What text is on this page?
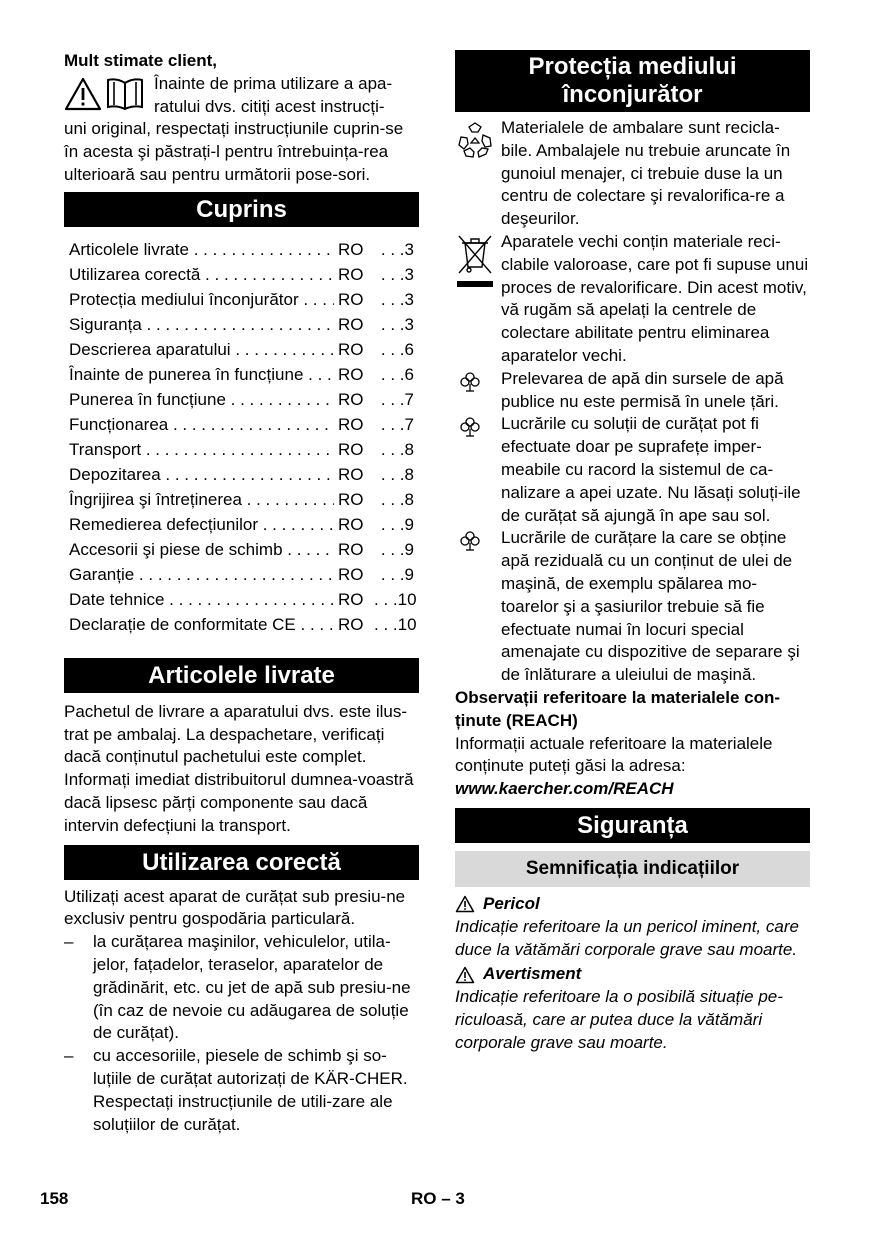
Mult stimate client,

Înainte de prima utilizare a apa-ratului dvs. citiți acest instrucți-

uni original, respectați instrucțiunile cuprin-se în acesta şi păstrați-l pentru întrebuința-rea ulterioară sau pentru următorii pose-sori.

Cuprins
Articolele livrate . . .	RO	. . . 3
Utilizarea corectă . . .	RO	. . . 3
Protecția mediului înconjurător . . .	RO	. . . 3
Siguranța . . .	RO	. . . 3
Descrierea aparatului . . .	RO	. . . 6
Înainte de punerea în funcțiune . . .	RO	. . . 6
Punerea în funcțiune . . .	RO	. . . 7
Funcționarea . . .	RO	. . . 7
Transport . . .	RO	. . . 8
Depozitarea . . .	RO	. . . 8
Îngrijirea şi întreținerea . . .	RO	. . . 8
Remedierea defecțiunilor . . .	RO	. . . 9
Accesorii şi piese de schimb . . .	RO	. . . 9
Garanție . . .	RO	. . . 9
Date tehnice . . .	RO	. . . 10
Declarație de conformitate CE . . .	RO	. . . 10
Articolele livrate

Pachetul de livrare a aparatului dvs. este ilus-trat pe ambalaj. La despachetare, verificați dacă conținutul pachetului este complet. Informați imediat distribuitorul dumnea-voastră dacă lipsesc părți componente sau dacă intervin defecțiuni la transport.

Utilizarea corectă

Utilizați acest aparat de curățat sub presiu-ne exclusiv pentru gospodăria particulară.

–	la curățarea maşinilor, vehiculelor, utila-jelor, fațadelor, teraselor, aparatelor de grădinărit, etc. cu jet de apă sub presiu-ne (în caz de nevoie cu adăugarea de soluție de curățat).
–	cu accesoriile, piesele de schimb şi so-luțiile de curățat autorizați de KÄR-CHER. Respectați instrucțiunile de utili-zare ale soluțiilor de curățat.
Protecția mediului înconjurător
Materialele de ambalare sunt recicla-bile. Ambalajele nu trebuie aruncate în gunoiul menajer, ci trebuie duse la un centru de colectare şi revalorifica-re a deşeurilor.
Aparatele vechi conțin materiale reci-clabile valoroase, care pot fi supuse unui proces de revalorificare. Din acest motiv, vă rugăm să apelați la centrele de colectare abilitate pentru eliminarea aparatelor vechi.
Prelevarea de apă din sursele de apă publice nu este permisă în unele țări.
Lucrările cu soluții de curățat pot fi efectuate doar pe suprafețe imper-meabile cu racord la sistemul de ca-nalizare a apei uzate. Nu lăsați soluți-ile de curățat să ajungă în ape sau sol.
Lucrările de curățare la care se obține apă reziduală cu un conținut de ulei de maşină, de exemplu spălarea mo-toarelor şi a şasiurilor trebuie să fie efectuate numai în locuri special amenajate cu dispozitive de separare şi de înlăturare a uleiului de maşină.

Observații referitoare la materialele con-ținute (REACH)

Informații actuale referitoare la materialele conținute puteți găsi la adresa:

www.kaercher.com/REACH

Siguranța
Semnificația indicațiilor
Pericol

Indicație referitoare la un pericol iminent, care duce la vătămări corporale grave sau moarte.

Avertisment

Indicație referitoare la o posibilă situație pe-riculoasă, care ar putea duce la vătămări corporale grave sau moarte.

158	RO – 3
